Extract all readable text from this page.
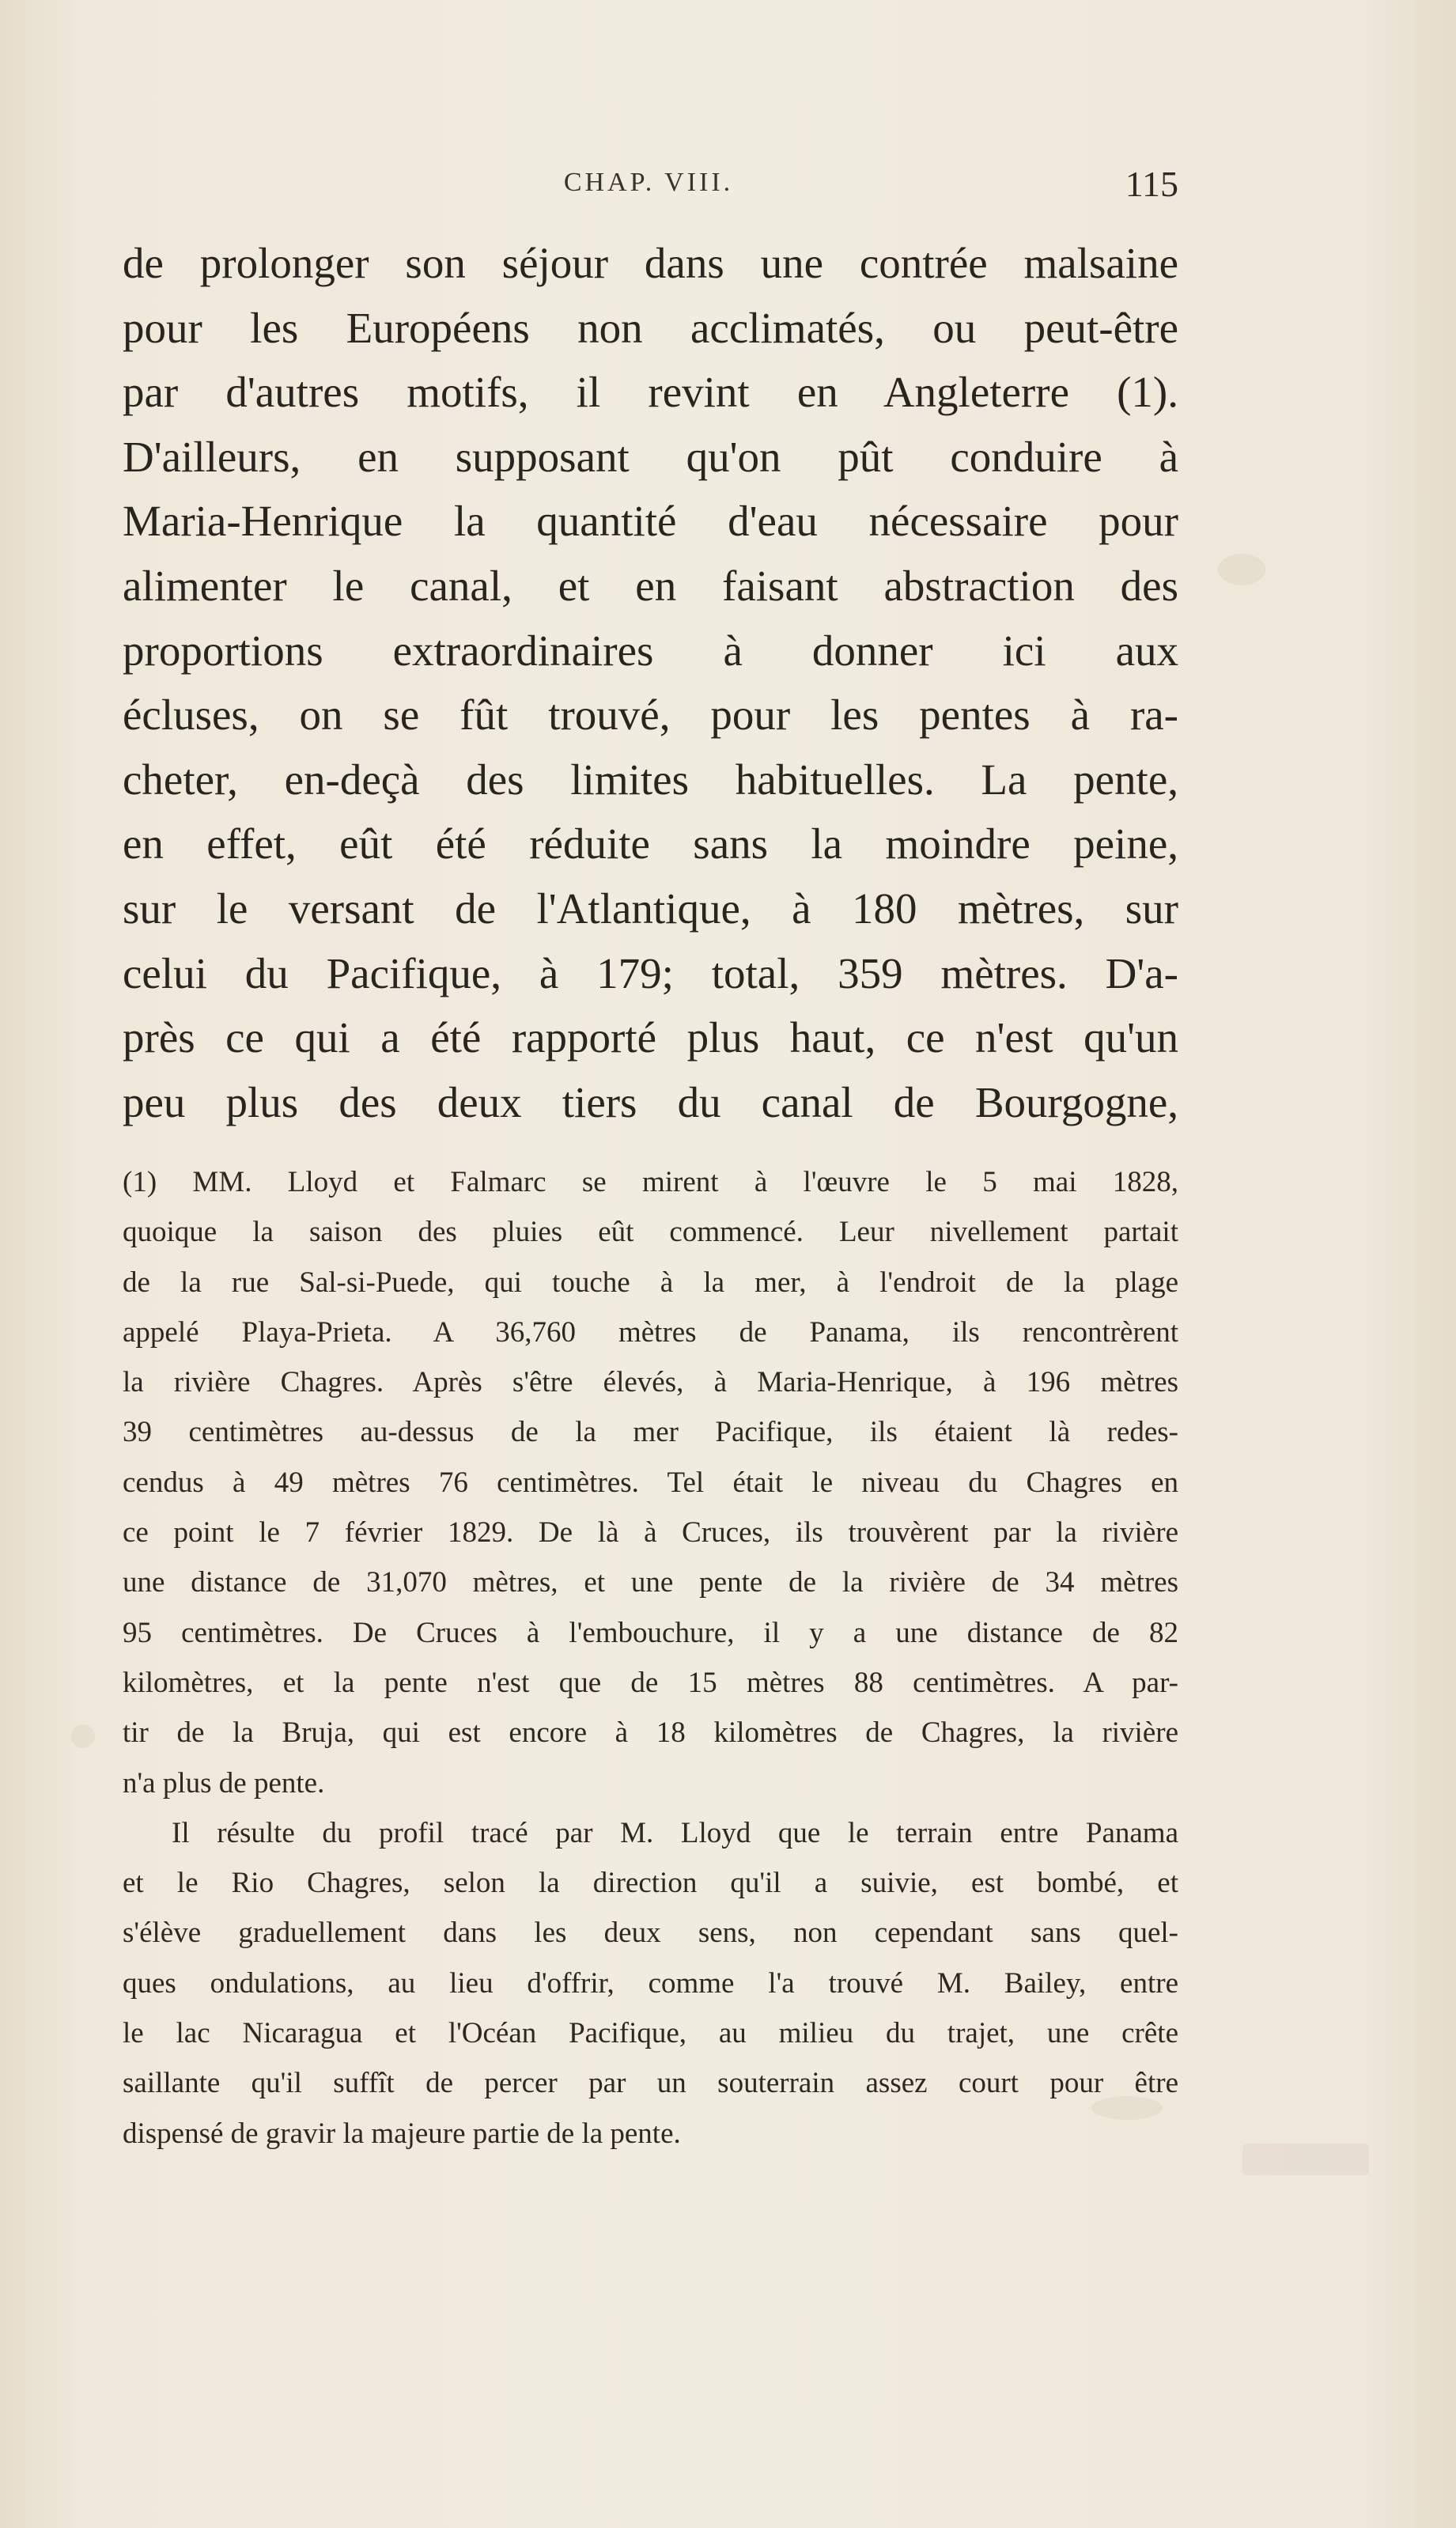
CHAP. VIII.	115
de prolonger son séjour dans une contrée malsaine
pour les Européens non acclimatés, ou peut-être
par d'autres motifs, il revint en Angleterre (1).
D'ailleurs, en supposant qu'on pût conduire à
Maria-Henrique la quantité d'eau nécessaire pour
alimenter le canal, et en faisant abstraction des
proportions extraordinaires à donner ici aux
écluses, on se fût trouvé, pour les pentes à ra-
cheter, en-deçà des limites habituelles. La pente,
en effet, eût été réduite sans la moindre peine,
sur le versant de l'Atlantique, à 180 mètres, sur
celui du Pacifique, à 179; total, 359 mètres. D'a-
près ce qui a été rapporté plus haut, ce n'est qu'un
peu plus des deux tiers du canal de Bourgogne,
(1) MM. Lloyd et Falmarc se mirent à l'œuvre le 5 mai 1828,
quoique la saison des pluies eût commencé. Leur nivellement partait
de la rue Sal-si-Puede, qui touche à la mer, à l'endroit de la plage
appelé Playa-Prieta. A 36,760 mètres de Panama, ils rencontrèrent
la rivière Chagres. Après s'être élevés, à Maria-Henrique, à 196 mètres
39 centimètres au-dessus de la mer Pacifique, ils étaient là redes-
cendus à 49 mètres 76 centimètres. Tel était le niveau du Chagres en
ce point le 7 février 1829. De là à Cruces, ils trouvèrent par la rivière
une distance de 31,070 mètres, et une pente de la rivière de 34 mètres
95 centimètres. De Cruces à l'embouchure, il y a une distance de 82
kilomètres, et la pente n'est que de 15 mètres 88 centimètres. A par-
tir de la Bruja, qui est encore à 18 kilomètres de Chagres, la rivière
n'a plus de pente.
Il résulte du profil tracé par M. Lloyd que le terrain entre Panama
et le Rio Chagres, selon la direction qu'il a suivie, est bombé, et
s'élève graduellement dans les deux sens, non cependant sans quel-
ques ondulations, au lieu d'offrir, comme l'a trouvé M. Bailey, entre
le lac Nicaragua et l'Océan Pacifique, au milieu du trajet, une crête
saillante qu'il suffît de percer par un souterrain assez court pour être
dispensé de gravir la majeure partie de la pente.
